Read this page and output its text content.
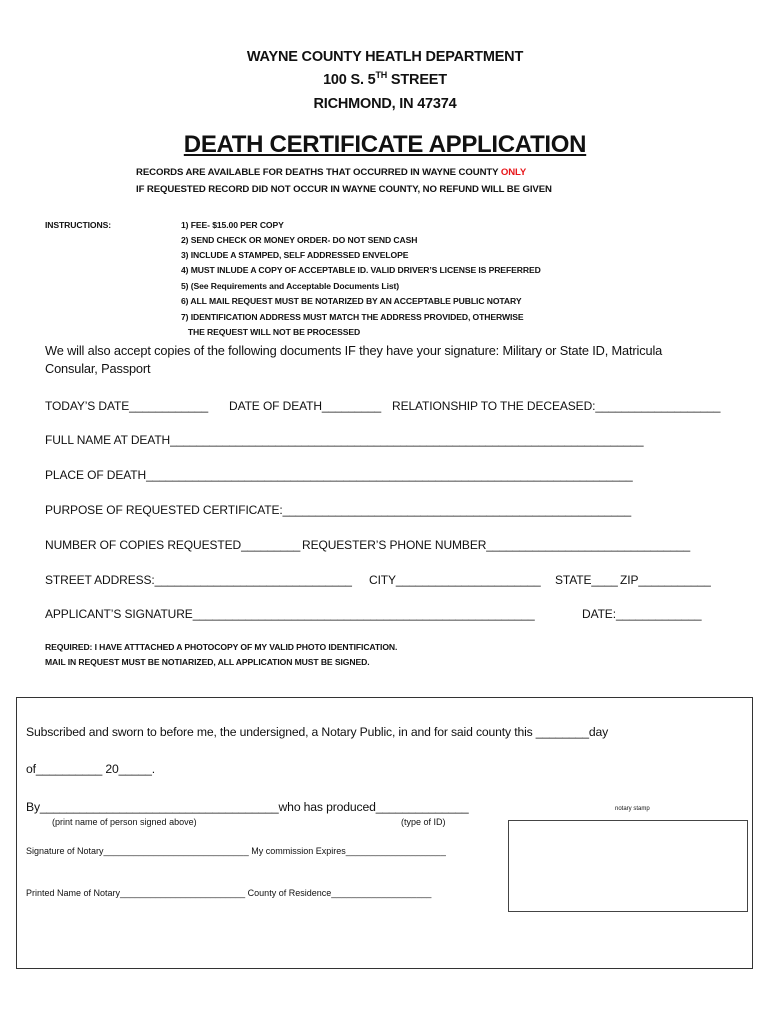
WAYNE COUNTY HEATLH DEPARTMENT
100 S. 5TH STREET
RICHMOND, IN 47374
DEATH CERTIFICATE APPLICATION
RECORDS ARE AVAILABLE FOR DEATHS THAT OCCURRED IN WAYNE COUNTY ONLY
IF REQUESTED RECORD DID NOT OCCUR IN WAYNE COUNTY, NO REFUND WILL BE GIVEN
INSTRUCTIONS:	1) FEE- $15.00 PER COPY
2) SEND CHECK OR MONEY ORDER- DO NOT SEND CASH
3) INCLUDE A STAMPED, SELF ADDRESSED ENVELOPE
4) MUST INLUDE A COPY OF ACCEPTABLE ID. VALID DRIVER’S LICENSE IS PREFERRED
5) (See Requirements and Acceptable Documents List)
6) ALL MAIL REQUEST MUST BE NOTARIZED BY AN ACCEPTABLE PUBLIC NOTARY
7) IDENTIFICATION ADDRESS MUST MATCH THE ADDRESS PROVIDED, OTHERWISE
THE REQUEST WILL NOT BE PROCESSED
We will also accept copies of the following documents IF they have your signature: Military or State ID, Matricula
Consular, Passport
TODAY’S DATE____________ DATE OF DEATH_________ RELATIONSHIP TO THE DECEASED:___________________
FULL NAME AT DEATH________________________________________________________________________
PLACE OF DEATH__________________________________________________________________________
PURPOSE OF REQUESTED CERTIFICATE:_____________________________________________________
NUMBER OF COPIES REQUESTED_________ REQUESTER’S PHONE NUMBER_______________________________
STREET ADDRESS:______________________________ CITY______________________ STATE____ ZIP___________
APPLICANT’S SIGNATURE____________________________________________________	DATE:_____________
REQUIRED: I HAVE ATTTACHED A PHOTOCOPY OF MY VALID PHOTO IDENTIFICATION.
MAIL IN REQUEST MUST BE NOTIARIZED, ALL APPLICATION MUST BE SIGNED.
Subscribed and sworn to before me, the undersigned, a Notary Public, in and for said county this ________day
of__________ 20_____.
By____________________________________who has produced______________
(print name of person signed above)	(type of ID)
notary stamp
Signature of Notary_____________________________ My commission Expires____________________
Printed Name of Notary_________________________ County of Residence____________________
